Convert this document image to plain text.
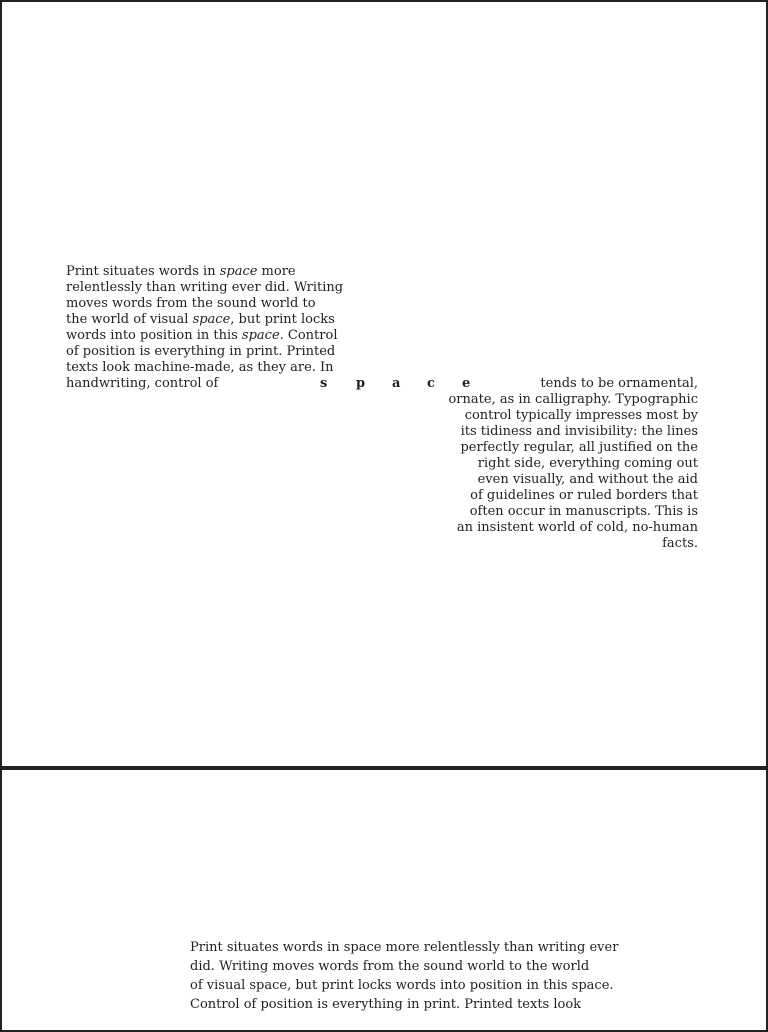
Print situates words in space more
relentlessly than writing ever did. Writing
moves words from the sound world to
the world of visual space, but print locks
words into position in this space. Control
of position is everything in print. Printed
texts look machine-made, as they are. In
handwriting, control of	s p a c e	tends to be ornamental,
ornate, as in calligraphy. Typographic
control typically impresses most by
its tidiness and invisibility: the lines
perfectly regular, all justified on the
right side, everything coming out
even visually, and without the aid
of guidelines or ruled borders that
often occur in manuscripts. This is
an insistent world of cold, no-human
facts.
Print situates words in space more relentlessly than writing ever
did. Writing moves words from the sound world to the world
of visual space, but print locks words into position in this space.
Control of position is everything in print. Printed texts look
